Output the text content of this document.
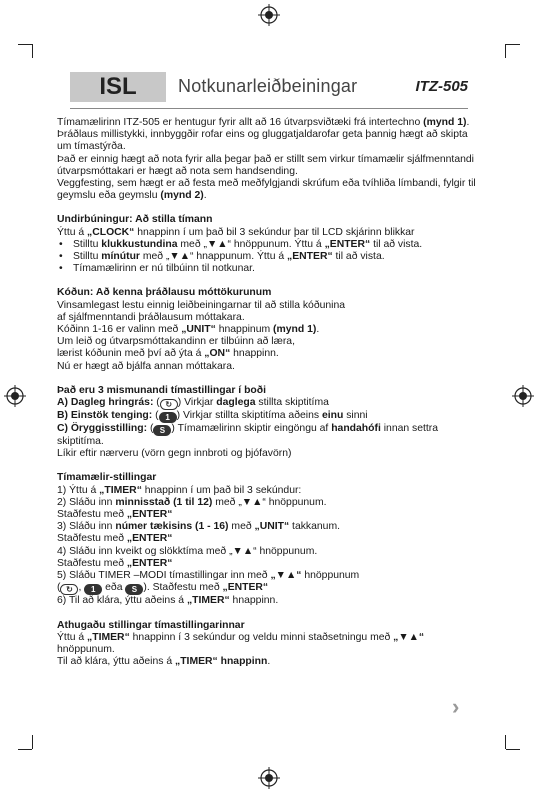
ISL	Notkunarleiðbeiningar	ITZ-505

Tímamælirinn ITZ-505 er hentugur fyrir allt að 16 útvarpsviðtæki frá intertechno (mynd 1).

Þráðlaus millistykki, innbyggðir rofar eins og gluggatjaldarofar geta þannig hægt að skipta um tímastýrða.

Það er einnig hægt að nota fyrir alla þegar það er stillt sem virkur tímamælir sjálfmenntandi útvarpsmóttakari er hægt að nota sem handsending.

Veggfesting, sem hægt er að festa með meðfylgjandi skrúfum eða tvíhliða límbandi, fylgir til geymslu eða geymslu (mynd 2).

Undirbúningur: Að stilla tímann

Ýttu á „CLOCK“ hnappinn í um það bil 3 sekúndur þar til LCD skjárinn blikkar

• Stilltu klukkustundina með „▼▲“ hnöppunum. Ýttu á „ENTER“ til að vista.
• Stilltu mínútur með „▼▲“ hnappunum. Ýttu á „ENTER“ til að vista.
• Tímamælirinn er nú tilbúinn til notkunar.

Kóðun: Að kenna þráðlausu móttökurunum

Vinsamlegast lestu einnig leiðbeiningarnar til að stilla kóðunina

af sjálfmenntandi þráðlausum móttakara.

Kóðinn 1-16 er valinn með „UNIT“ hnappinum (mynd 1).

Um leið og útvarpsmóttakandinn er tilbúinn að læra,

lærist kóðunin með því að ýta á „ON“ hnappinn.

Nú er hægt að bjálfa annan móttakara.

Það eru 3 mismunandi tímastillingar í boði

A) Dagleg hringrás: ( ↻ ) Virkjar daglega stillta skiptitíma

B) Einstök tenging: ( 1 ) Virkjar stillta skiptitíma aðeins einu sinni

C) Öryggisstilling: ( S ) Tímamælirinn skiptir eingöngu af handahófi innan settra skiptitíma.

Líkir eftir nærveru (vörn gegn innbroti og þjófavörn)

Tímamælir-stillingar

1) Ýttu á „TIMER“ hnappinn í um það bil 3 sekúndur:

2) Sláðu inn minnisstað (1 til 12) með „▼▲“ hnöppunum.

Staðfestu með „ENTER“

3) Sláðu inn númer tækisins (1 - 16) með „UNIT“ takkanum.

Staðfestu með „ENTER“

4) Sláðu inn kveikt og slökktíma með „▼▲“ hnöppunum.

Staðfestu með „ENTER“

5) Sláðu TIMER –MODI tímastillingar inn með „▼▲“ hnöppunum

( ↻ , 1 eða S ). Staðfestu með „ENTER“

6) Til að klára, ýttu aðeins á „TIMER“ hnappinn.

Athugaðu stillingar tímastillingarinnar

Ýttu á „TIMER“ hnappinn í 3 sekúndur og veldu minni staðsetningu með „▼▲“ hnöppunum.

Til að klára, ýttu aðeins á „TIMER“ hnappinn.

›
